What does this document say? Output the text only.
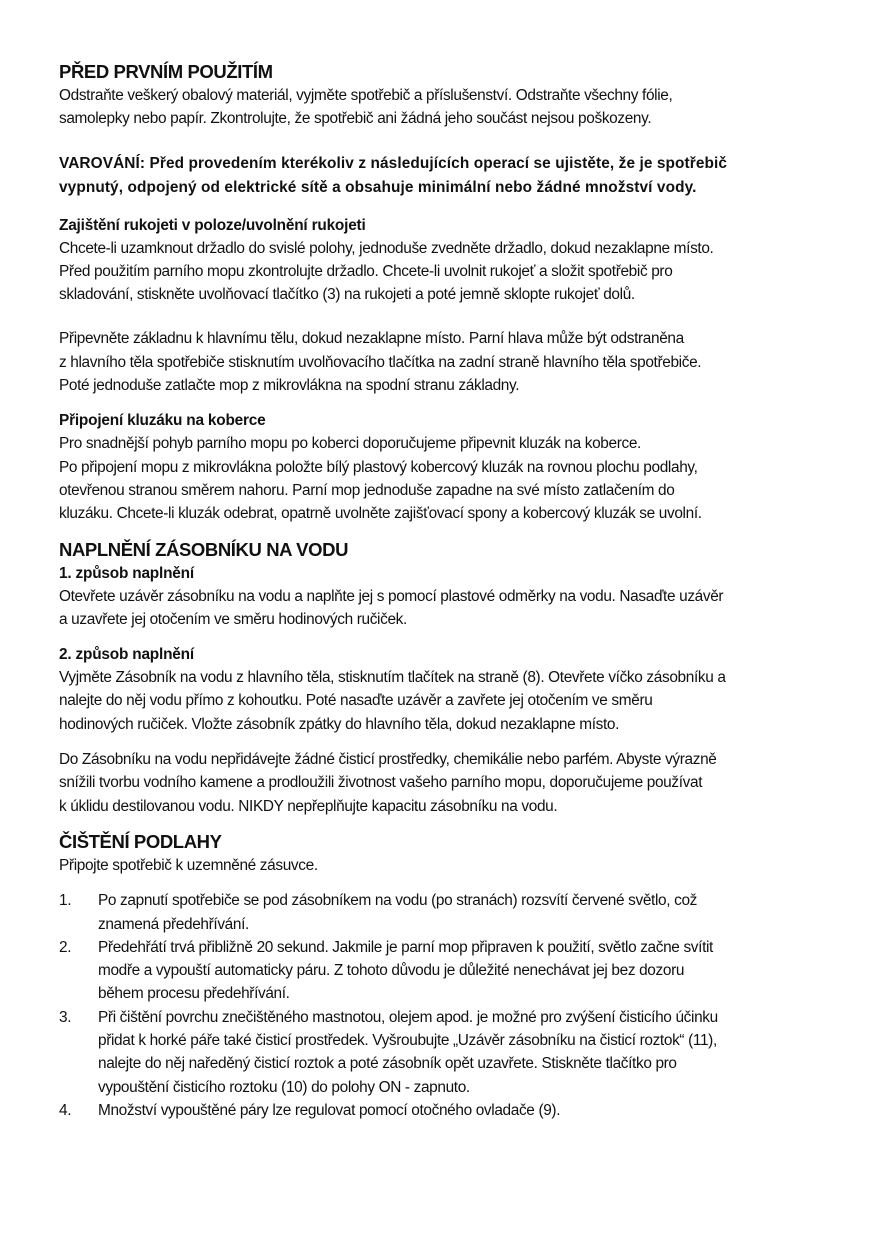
PŘED PRVNÍM POUŽITÍM

Odstraňte veškerý obalový materiál, vyjměte spotřebič a příslušenství. Odstraňte všechny fólie,
samolepky nebo papír. Zkontrolujte, že spotřebič ani žádná jeho součást nejsou poškozeny.

VAROVÁNÍ: Před provedením kterékoliv z následujících operací se ujistěte, že je spotřebič
vypnutý, odpojený od elektrické sítě a obsahuje minimální nebo žádné množství vody.

Zajištění rukojeti v poloze/uvolnění rukojeti

Chcete-li uzamknout držadlo do svislé polohy, jednoduše zvedněte držadlo, dokud nezaklapne místo.
Před použitím parního mopu zkontrolujte držadlo. Chcete-li uvolnit rukojeť a složit spotřebič pro
skladování, stiskněte uvolňovací tlačítko (3) na rukojeti a poté jemně sklopte rukojeť dolů.

Připevněte základnu k hlavnímu tělu, dokud nezaklapne místo. Parní hlava může být odstraněna
z hlavního těla spotřebiče stisknutím uvolňovacího tlačítka na zadní straně hlavního těla spotřebiče.
Poté jednoduše zatlačte mop z mikrovlákna na spodní stranu základny.

Připojení kluzáku na koberce

Pro snadnější pohyb parního mopu po koberci doporučujeme připevnit kluzák na koberce.
Po připojení mopu z mikrovlákna položte bílý plastový kobercový kluzák na rovnou plochu podlahy,
otevřenou stranou směrem nahoru. Parní mop jednoduše zapadne na své místo zatlačením do
kluzáku. Chcete-li kluzák odebrat, opatrně uvolněte zajišťovací spony a kobercový kluzák se uvolní.

NAPLNĚNÍ ZÁSOBNÍKU NA VODU
1. způsob naplnění

Otevřete uzávěr zásobníku na vodu a naplňte jej s pomocí plastové odměrky na vodu. Nasaďte uzávěr
a uzavřete jej otočením ve směru hodinových ručiček.

2. způsob naplnění

Vyjměte Zásobník na vodu z hlavního těla, stisknutím tlačítek na straně (8). Otevřete víčko zásobníku a
nalejte do něj vodu přímo z kohoutku. Poté nasaďte uzávěr a zavřete jej otočením ve směru
hodinových ručiček. Vložte zásobník zpátky do hlavního těla, dokud nezaklapne místo.

Do Zásobníku na vodu nepřidávejte žádné čisticí prostředky, chemikálie nebo parfém. Abyste výrazně
snížili tvorbu vodního kamene a prodloužili životnost vašeho parního mopu, doporučujeme používat
k úklidu destilovanou vodu. NIKDY nepřeplňujte kapacitu zásobníku na vodu.

ČIŠTĚNÍ PODLAHY

Připojte spotřebič k uzemněné zásuvce.

1. Po zapnutí spotřebiče se pod zásobníkem na vodu (po stranách) rozsvítí červené světlo, což
znamená předehřívání.
2. Předehřátí trvá přibližně 20 sekund. Jakmile je parní mop připraven k použití, světlo začne svítit
modře a vypouští automaticky páru. Z tohoto důvodu je důležité nenechávat jej bez dozoru
během procesu předehřívání.
3. Při čištění povrchu znečištěného mastnotou, olejem apod. je možné pro zvýšení čisticího účinku
přidat k horké páře také čisticí prostředek. Vyšroubujte „Uzávěr zásobníku na čisticí roztok“ (11),
nalejte do něj naředěný čisticí roztok a poté zásobník opět uzavřete. Stiskněte tlačítko pro
vypouštění čisticího roztoku (10) do polohy ON - zapnuto.
4. Množství vypouštěné páry lze regulovat pomocí otočného ovladače (9).
